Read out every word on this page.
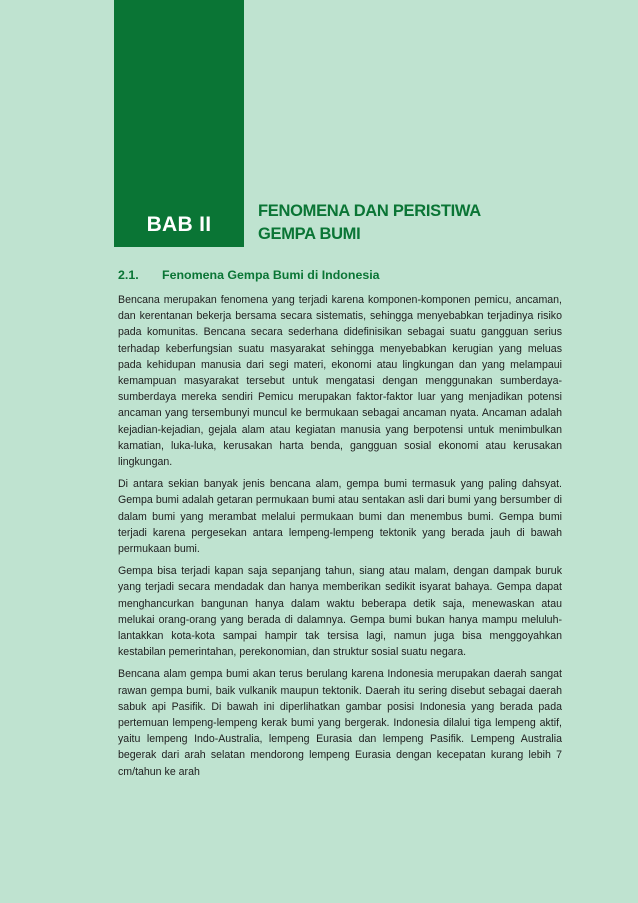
BAB II
FENOMENA DAN PERISTIWA
GEMPA BUMI
2.1. Fenomena Gempa Bumi di Indonesia

Bencana merupakan fenomena yang terjadi karena komponen-komponen pemicu, ancaman, dan kerentanan bekerja bersama secara sistematis, sehingga menyebabkan terjadinya risiko pada komunitas. Bencana secara sederhana didefinisikan sebagai suatu gangguan serius terhadap keberfungsian suatu masyarakat sehingga menyebabkan kerugian yang meluas pada kehidupan manusia dari segi materi, ekonomi atau lingkungan dan yang melampaui kemampuan masyarakat tersebut untuk mengatasi dengan menggunakan sumberdaya-sumberdaya mereka sendiri Pemicu merupakan faktor-faktor luar yang menjadikan potensi ancaman yang tersembunyi muncul ke bermukaan sebagai ancaman nyata. Ancaman adalah kejadian-kejadian, gejala alam atau kegiatan manusia yang berpotensi untuk menimbulkan kamatian, luka-luka, kerusakan harta benda, gangguan sosial ekonomi atau kerusakan lingkungan.

Di antara sekian banyak jenis bencana alam, gempa bumi termasuk yang paling dahsyat. Gempa bumi adalah getaran permukaan bumi atau sentakan asli dari bumi yang bersumber di dalam bumi yang merambat melalui permukaan bumi dan menembus bumi. Gempa bumi terjadi karena pergesekan antara lempeng-lempeng tektonik yang berada jauh di bawah permukaan bumi.

Gempa bisa terjadi kapan saja sepanjang tahun, siang atau malam, dengan dampak buruk yang terjadi secara mendadak dan hanya memberikan sedikit isyarat bahaya. Gempa dapat menghancurkan bangunan hanya dalam waktu beberapa detik saja, menewaskan atau melukai orang-orang yang berada di dalamnya. Gempa bumi bukan hanya mampu meluluh-lantakkan kota-kota sampai hampir tak tersisa lagi, namun juga bisa menggoyahkan kestabilan pemerintahan, perekonomian, dan struktur sosial suatu negara.

Bencana alam gempa bumi akan terus berulang karena Indonesia merupakan daerah sangat rawan gempa bumi, baik vulkanik maupun tektonik. Daerah itu sering disebut sebagai daerah sabuk api Pasifik. Di bawah ini diperlihatkan gambar posisi Indonesia yang berada pada pertemuan lempeng-lempeng kerak bumi yang bergerak. Indonesia dilalui tiga lempeng aktif, yaitu lempeng Indo-Australia, lempeng Eurasia dan lempeng Pasifik. Lempeng Australia begerak dari arah selatan mendorong lempeng Eurasia dengan kecepatan kurang lebih 7 cm/tahun ke arah
